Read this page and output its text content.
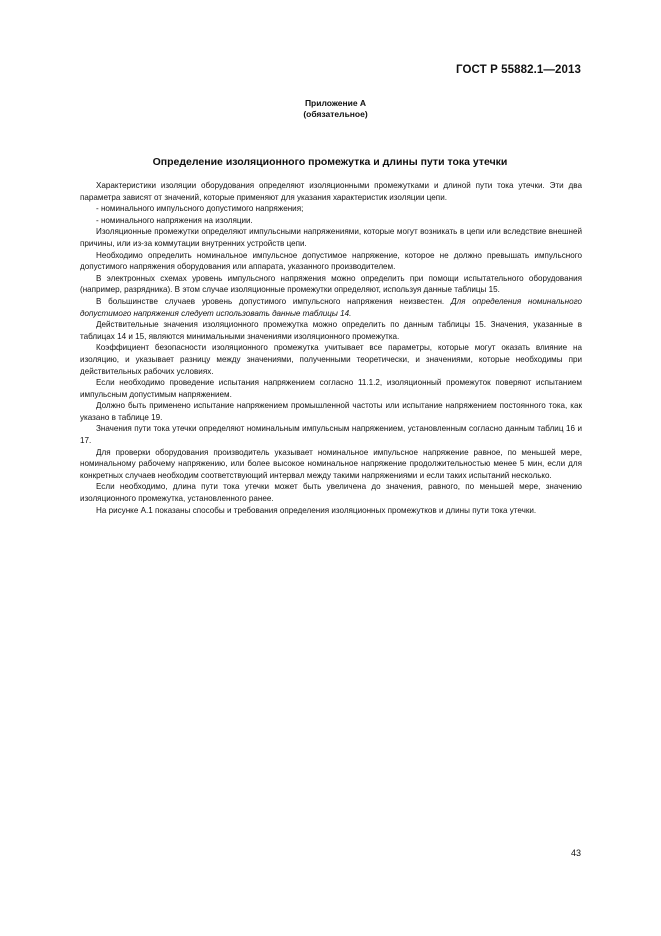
ГОСТ Р 55882.1—2013
Приложение А
(обязательное)
Определение изоляционного промежутка и длины пути тока утечки

Характеристики изоляции оборудования определяют изоляционными промежутками и длиной пути тока утечки. Эти два параметра зависят от значений, которые применяют для указания характеристик изоляции цепи.

- номинального импульсного допустимого напряжения;

- номинального напряжения на изоляции.

Изоляционные промежутки определяют импульсными напряжениями, которые могут возникать в цепи или вследствие внешней причины, или из-за коммутации внутренних устройств цепи.

Необходимо определить номинальное импульсное допустимое напряжение, которое не должно превышать импульсного допустимого напряжения оборудования или аппарата, указанного производителем.

В электронных схемах уровень импульсного напряжения можно определить при помощи испытательного оборудования (например, разрядника). В этом случае изоляционные промежутки определяют, используя данные таблицы 15.

В большинстве случаев уровень допустимого импульсного напряжения неизвестен. Для определения номинального допустимого напряжения следует использовать данные таблицы 14.

Действительные значения изоляционного промежутка можно определить по данным таблицы 15. Значения, указанные в таблицах 14 и 15, являются минимальными значениями изоляционного промежутка.

Коэффициент безопасности изоляционного промежутка учитывает все параметры, которые могут оказать влияние на изоляцию, и указывает разницу между значениями, полученными теоретически, и значениями, которые необходимы при действительных рабочих условиях.

Если необходимо проведение испытания напряжением согласно 11.1.2, изоляционный промежуток поверяют испытанием импульсным допустимым напряжением.

Должно быть применено испытание напряжением промышленной частоты или испытание напряжением постоянного тока, как указано в таблице 19.

Значения пути тока утечки определяют номинальным импульсным напряжением, установленным согласно данным таблиц 16 и 17.

Для проверки оборудования производитель указывает номинальное импульсное напряжение равное, по меньшей мере, номинальному рабочему напряжению, или более высокое номинальное напряжение продолжительностью менее 5 мин, если для конкретных случаев необходим соответствующий интервал между такими напряжениями и если таких испытаний несколько.

Если необходимо, длина пути тока утечки может быть увеличена до значения, равного, по меньшей мере, значению изоляционного промежутка, установленного ранее.

На рисунке А.1 показаны способы и требования определения изоляционных промежутков и длины пути тока утечки.

43
